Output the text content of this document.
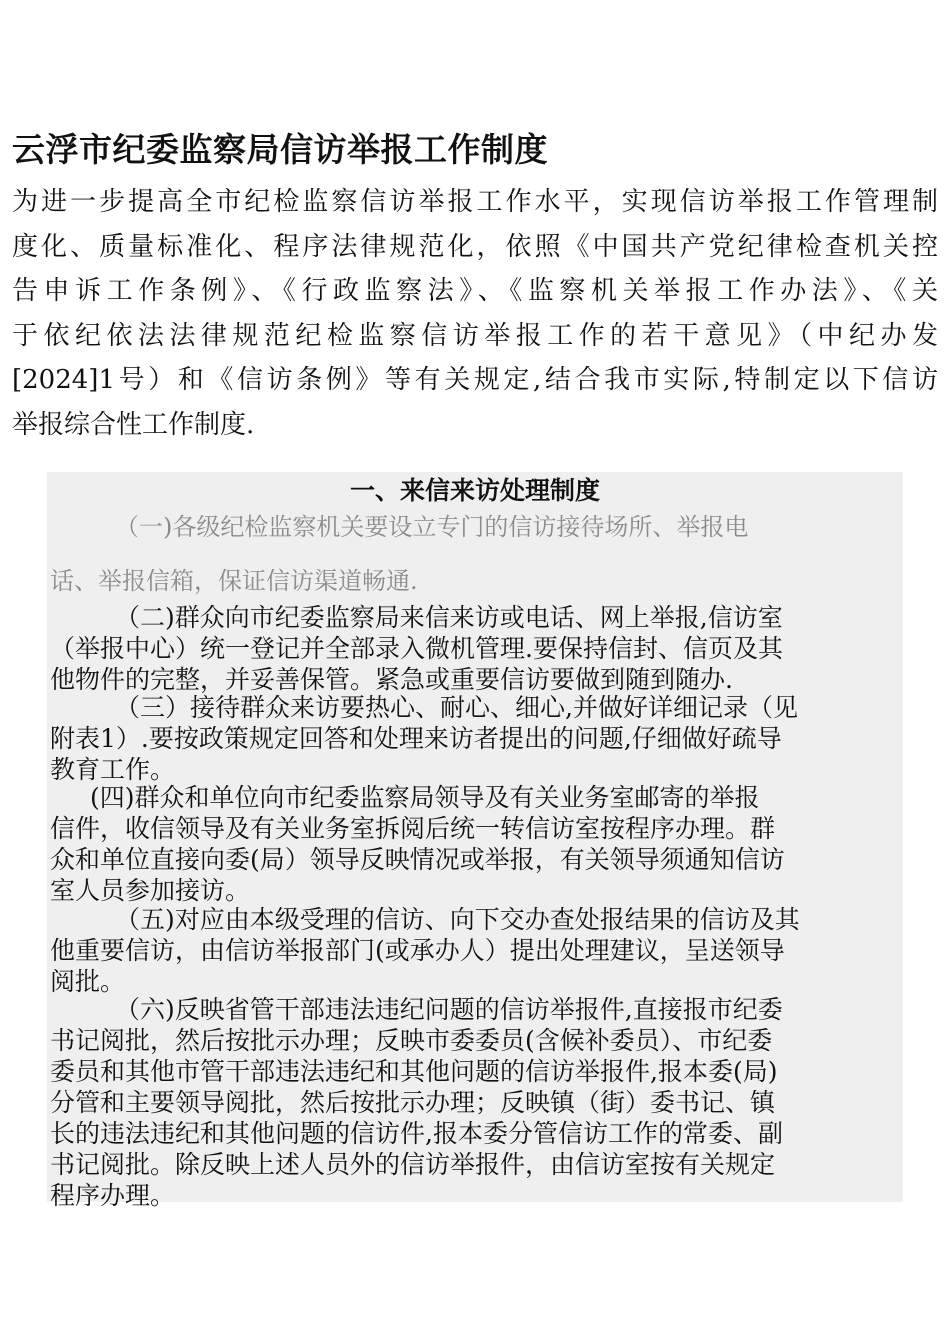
云浮市纪委监察局信访举报工作制度
为进一步提高全市纪检监察信访举报工作水平，实现信访举报工作管理制
度化、质量标准化、程序法律规范化，依照《中国共产党纪律检查机关控
告申诉工作条例》、《行政监察法》、《监察机关举报工作办法》、《关
于依纪依法法律规范纪检监察信访举报工作的若干意见》（中纪办发
[2024]1号）和《信访条例》等有关规定,结合我市实际,特制定以下信访
举报综合性工作制度.
一、来信来访处理制度
（一)各级纪检监察机关要设立专门的信访接待场所、举报电
话、举报信箱，保证信访渠道畅通.
（二)群众向市纪委监察局来信来访或电话、网上举报,信访室
（举报中心）统一登记并全部录入微机管理.要保持信封、信页及其
他物件的完整，并妥善保管。紧急或重要信访要做到随到随办.
（三）接待群众来访要热心、耐心、细心,并做好详细记录（见
附表1）.要按政策规定回答和处理来访者提出的问题,仔细做好疏导
教育工作。
(四)群众和单位向市纪委监察局领导及有关业务室邮寄的举报
信件，收信领导及有关业务室拆阅后统一转信访室按程序办理。群
众和单位直接向委(局）领导反映情况或举报，有关领导须通知信访
室人员参加接访。
（五)对应由本级受理的信访、向下交办查处报结果的信访及其
他重要信访，由信访举报部门(或承办人）提出处理建议，呈送领导
阅批。
（六)反映省管干部违法违纪问题的信访举报件,直接报市纪委
书记阅批，然后按批示办理；反映市委委员(含候补委员）、市纪委
委员和其他市管干部违法违纪和其他问题的信访举报件,报本委(局)
分管和主要领导阅批，然后按批示办理；反映镇（街）委书记、镇
长的违法违纪和其他问题的信访件,报本委分管信访工作的常委、副
书记阅批。除反映上述人员外的信访举报件，由信访室按有关规定
程序办理。
